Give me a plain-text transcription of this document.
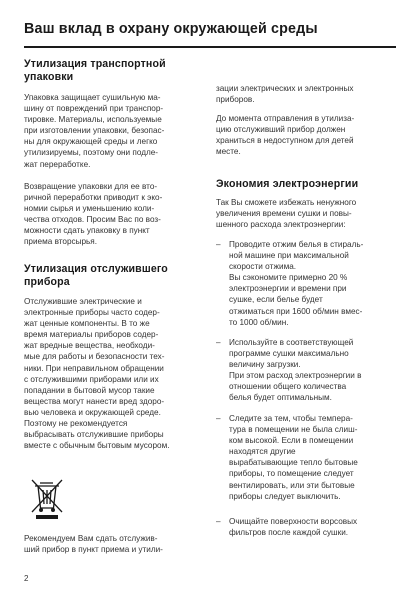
Ваш вклад в охрану окружающей среды
Утилизация транспортной
упаковки
Упаковка защищает сушильную ма-
шину от повреждений при транспор-
тировке. Материалы, используемые
при изготовлении упаковки, безопас-
ны для окружающей среды и легко
утилизируемы, поэтому они подле-
жат переработке.
Возвращение упаковки для ее вто-
ричной переработки приводит к эко-
номии сырья и уменьшению коли-
чества отходов. Просим Вас по воз-
можности сдать упаковку в пункт
приема вторсырья.
Утилизация отслужившего
прибора
Отслужившие электрические и
электронные приборы часто содер-
жат ценные компоненты. В то же
время материалы приборов содер-
жат вредные вещества, необходи-
мые для работы и безопасности тех-
ники. При неправильном обращении
с отслужившими приборами или их
попадании в бытовой мусор такие
вещества могут нанести вред здоро-
вью человека и окружающей среде.
Поэтому не рекомендуется
выбрасывать отслужившие приборы
вместе с обычным бытовым мусором.
Рекомендуем Вам сдать отслужив-
ший прибор в пункт приема и утили-
зации электрических и электронных
приборов.
До момента отправления в утилиза-
цию отслуживший прибор должен
храниться в недоступном для детей
месте.
Экономия электроэнергии
Так Вы сможете избежать ненужного
увеличения времени сушки и повы-
шенного расхода электроэнергии:
– Проводите отжим белья в стираль-
ной машине при максимальной
скорости отжима.
Вы сэкономите примерно 20 %
электроэнергии и времени при
сушке, если белье будет
отжиматься при 1600 об/мин вмес-
то 1000 об/мин.
– Используйте в соответствующей
программе сушки максимально
величину загрузки.
При этом расход электроэнергии в
отношении общего количества
белья будет оптимальным.
– Следите за тем, чтобы темпера-
тура в помещении не была слиш-
ком высокой. Если в помещении
находятся другие
вырабатывающие тепло бытовые
приборы, то помещение следует
вентилировать, или эти бытовые
приборы следует выключить.
– Очищайте поверхности ворсовых
фильтров после каждой сушки.
2
